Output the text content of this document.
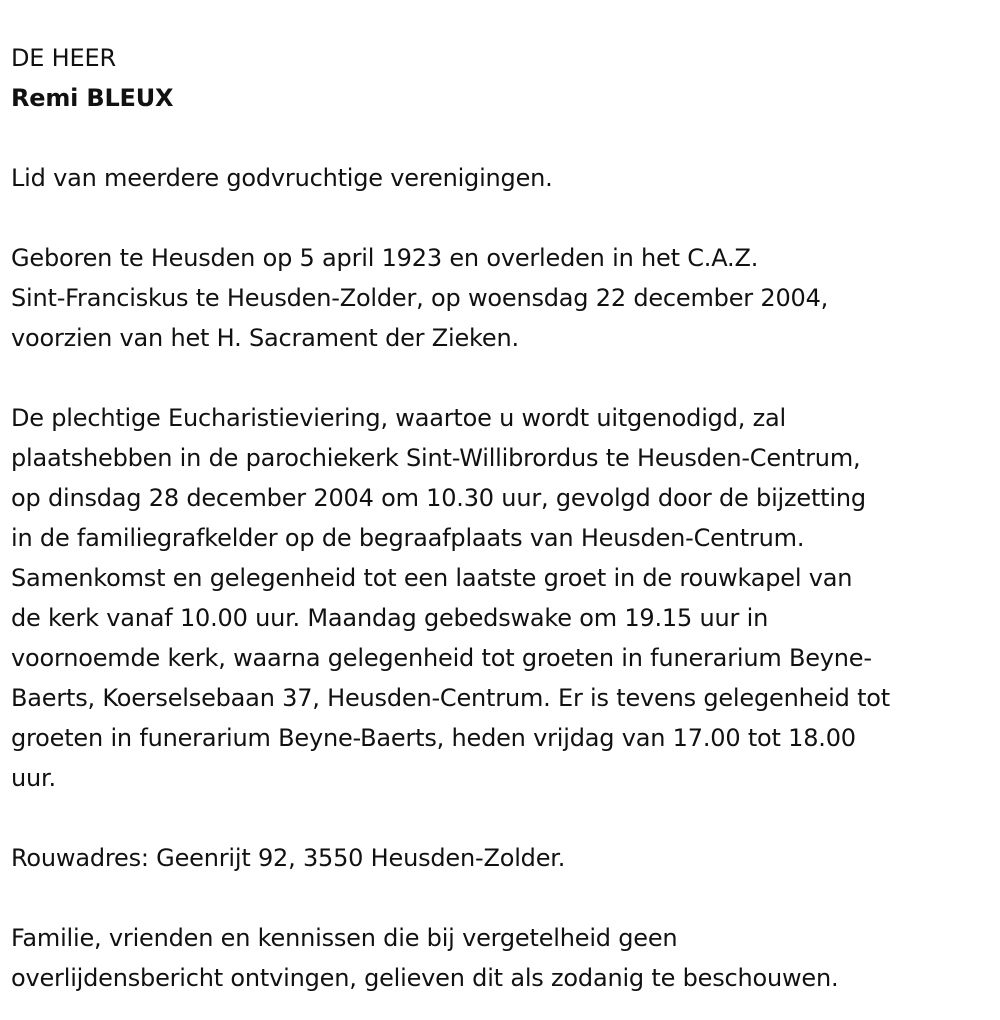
DE HEER
Remi BLEUX
Lid van meerdere godvruchtige verenigingen.
Geboren te Heusden op 5 april 1923 en overleden in het C.A.Z.
Sint-Franciskus te Heusden-Zolder, op woensdag 22 december 2004,
voorzien van het H. Sacrament der Zieken.
De plechtige Eucharistieviering, waartoe u wordt uitgenodigd, zal
plaatshebben in de parochiekerk Sint-Willibrordus te Heusden-Centrum,
op dinsdag 28 december 2004 om 10.30 uur, gevolgd door de bijzetting
in de familiegrafkelder op de begraafplaats van Heusden-Centrum.
Samenkomst en gelegenheid tot een laatste groet in de rouwkapel van
de kerk vanaf 10.00 uur. Maandag gebedswake om 19.15 uur in
voornoemde kerk, waarna gelegenheid tot groeten in funerarium Beyne-
Baerts, Koerselsebaan 37, Heusden-Centrum. Er is tevens gelegenheid tot
groeten in funerarium Beyne-Baerts, heden vrijdag van 17.00 tot 18.00
uur.
Rouwadres: Geenrijt 92, 3550 Heusden-Zolder.
Familie, vrienden en kennissen die bij vergetelheid geen
overlijdensbericht ontvingen, gelieven dit als zodanig te beschouwen.
